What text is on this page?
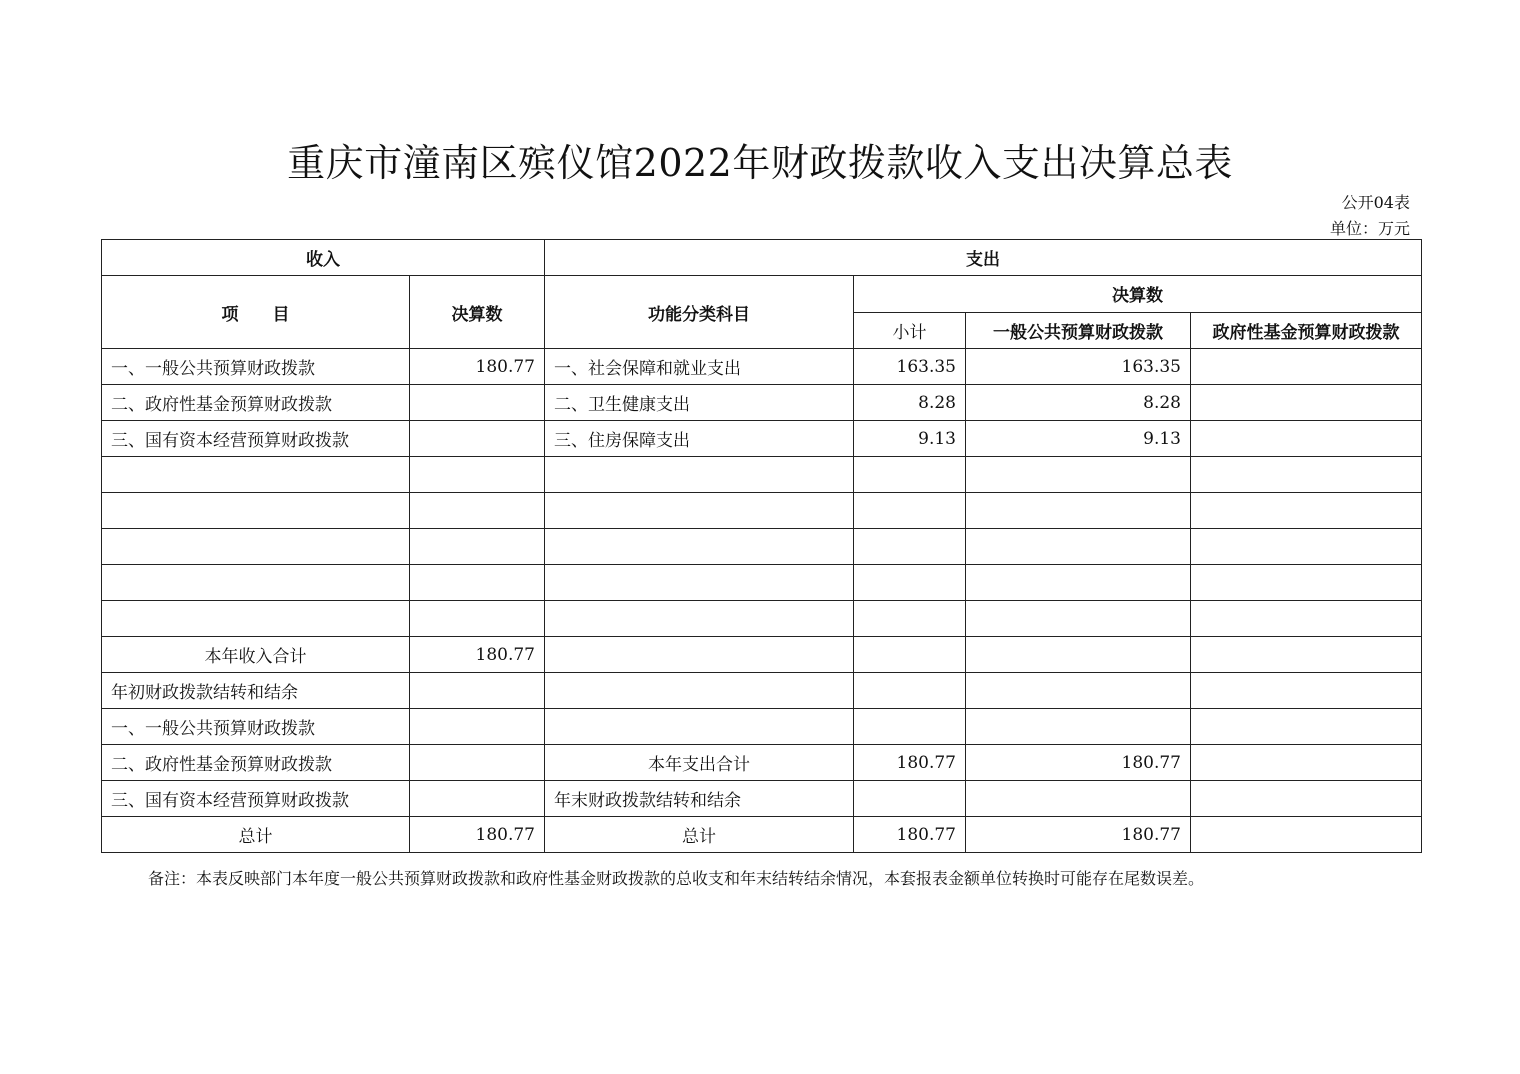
重庆市潼南区殡仪馆2022年财政拨款收入支出决算总表
公开04表
单位：万元
收入		支出			
项　　目	决算数	功能分类科目	决算数		
			小计	一般公共预算财政拨款	政府性基金预算财政拨款
一、一般公共预算财政拨款	180.77	一、社会保障和就业支出	163.35	163.35	
二、政府性基金预算财政拨款		二、卫生健康支出	8.28	8.28	
三、国有资本经营预算财政拨款		三、住房保障支出	9.13	9.13	

本年收入合计	180.77				
年初财政拨款结转和结余					
一、一般公共预算财政拨款					
二、政府性基金预算财政拨款		本年支出合计	180.77	180.77	
三、国有资本经营预算财政拨款		年末财政拨款结转和结余			
总计	180.77	总计	180.77	180.77	
备注：本表反映部门本年度一般公共预算财政拨款和政府性基金财政拨款的总收支和年末结转结余情况，本套报表金额单位转换时可能存在尾数误差。
